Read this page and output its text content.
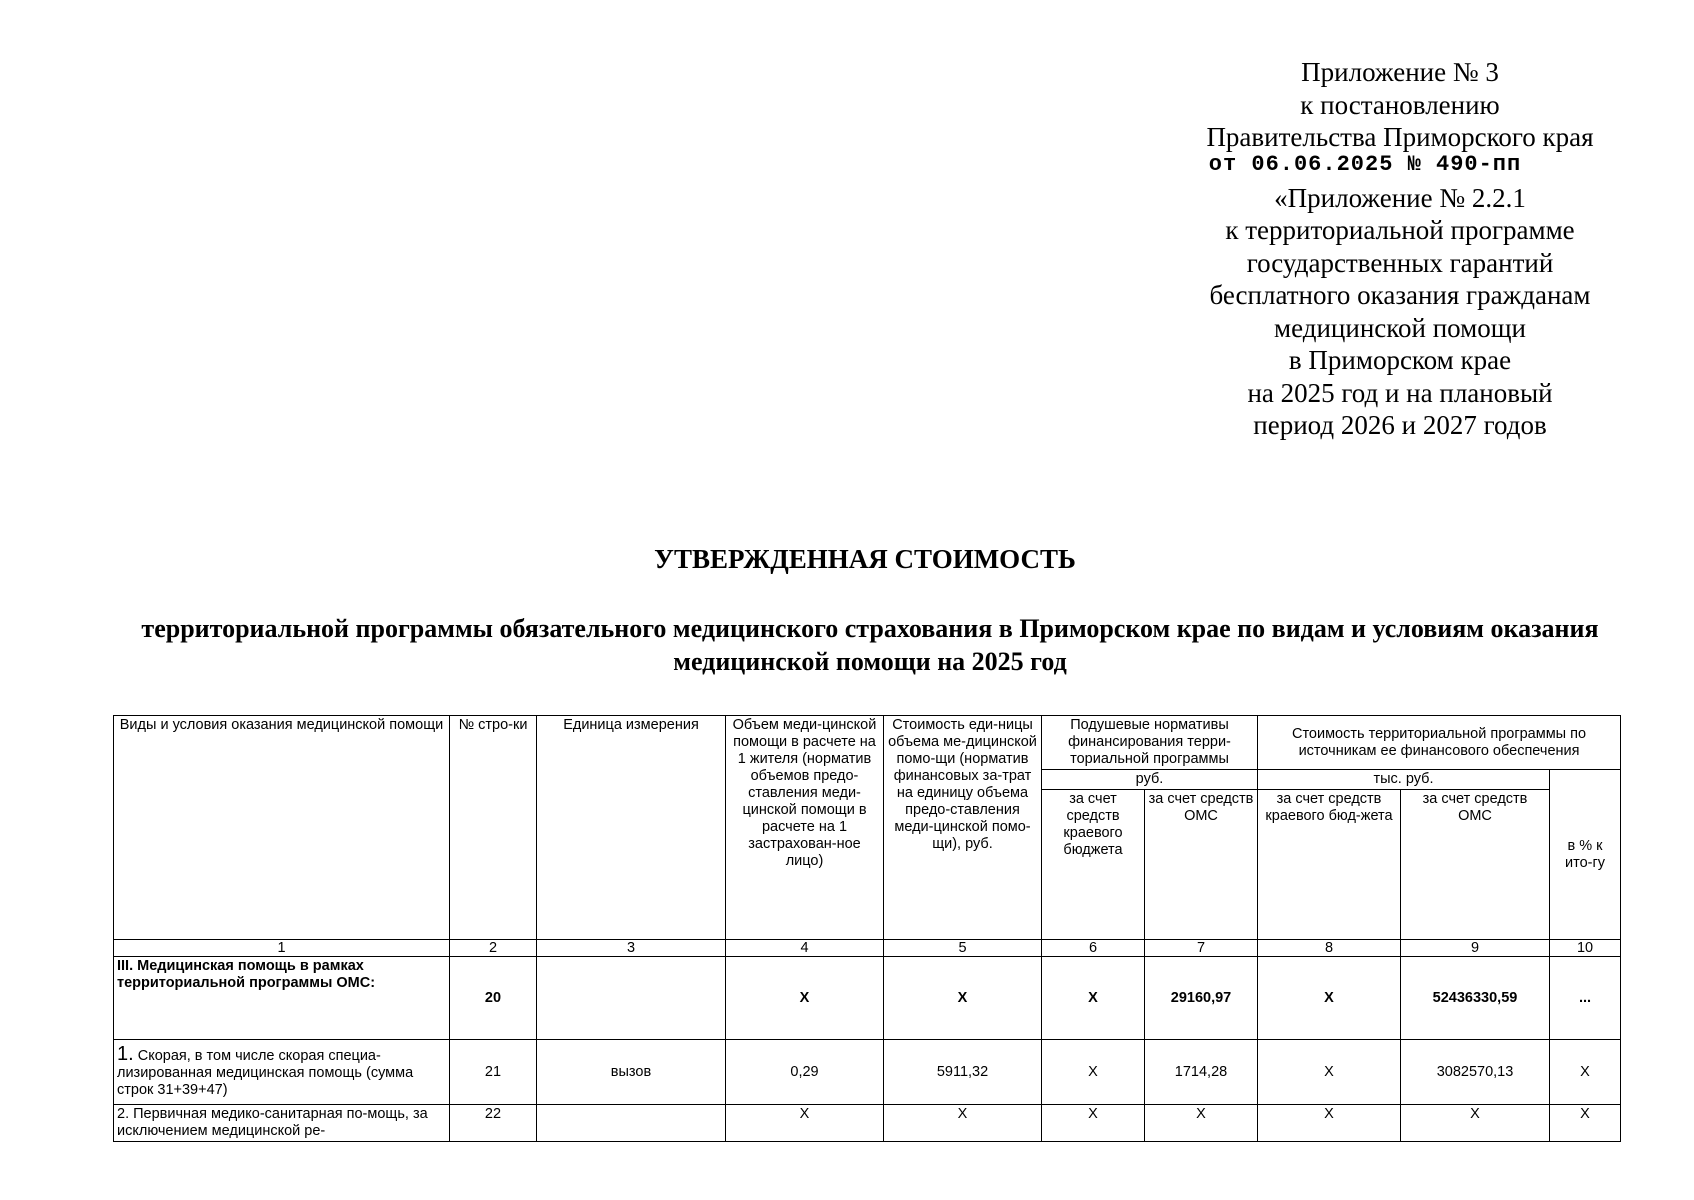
Приложение № 3
к постановлению
Правительства Приморского края
от 06.06.2025 № 490-пп
«Приложение № 2.2.1
к территориальной программе
государственных гарантий
бесплатного оказания гражданам
медицинской помощи
в Приморском крае
на 2025 год и на плановый
период 2026 и 2027 годов
УТВЕРЖДЕННАЯ СТОИМОСТЬ
территориальной программы обязательного медицинского страхования в Приморском крае по видам и условиям оказания медицинской помощи на 2025 год
Виды и условия оказания медицинской помощи	№ стро-ки	Единица измерения	Объем меди-цинской помощи в расчете на 1 жителя (норматив объемов предо-ставления меди-цинской помощи в расчете на 1 застрахован-ное лицо)	Стоимость еди-ницы объема ме-дицинской помо-щи (норматив финансовых за-трат на единицу объема предо-ставления меди-цинской помо-щи), руб.	Подушевые нормативы финансирования терри-ториальной программы		Стоимость территориальной программы по источникам ее финансового обеспечения		
					руб.		тыс. руб.		в % к ито-гу
					за счет средств краевого бюджета	за счет средств ОМС	за счет средств краевого бюд-жета	за счет средств ОМС	
1	2	3	4	5	6	7	8	9	10
III. Медицинская помощь в рамках территориальной программы ОМС:	20		X	X	X	29160,97	X	52436330,59	...
1. Скорая, в том числе скорая специа-лизированная медицинская помощь (сумма строк 31+39+47)	21	вызов	0,29	5911,32	X	1714,28	X	3082570,13	X
2. Первичная медико-санитарная по-мощь, за исключением медицинской ре-	22		X	X	X	X	X	X	X
